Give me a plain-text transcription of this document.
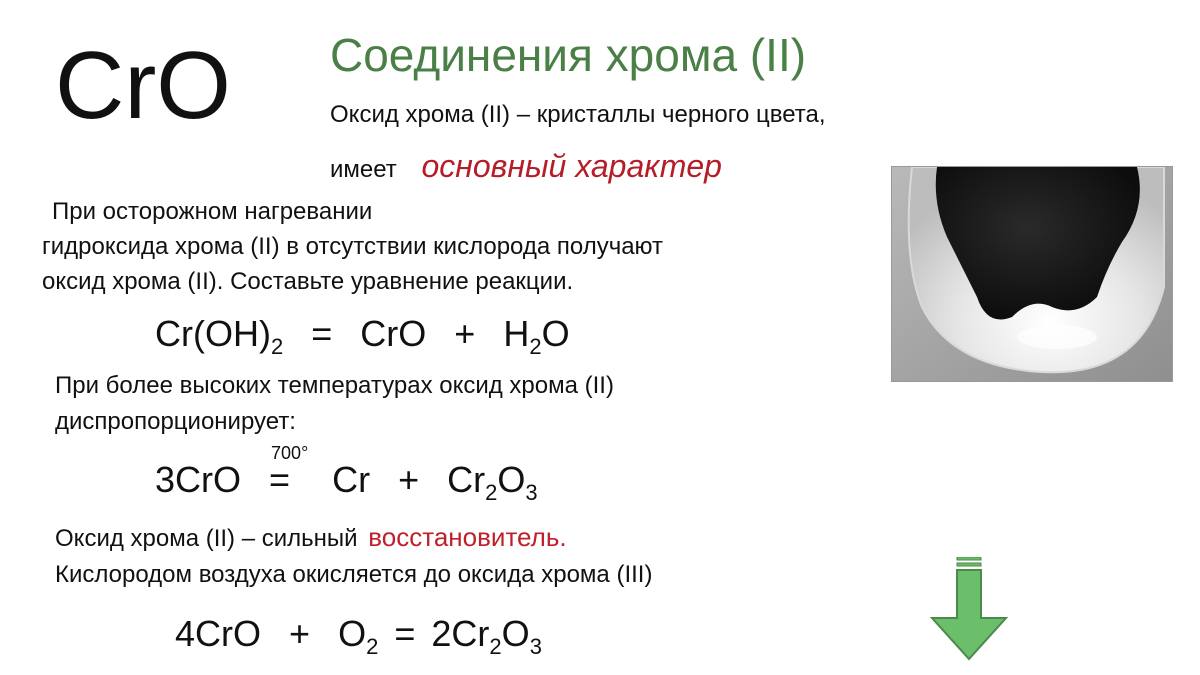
CrO Соединения хрома (II)
Оксид хрома (II) – кристаллы черного цвета,
имеет основный характер
При осторожном нагревании
гидроксида хрома (II) в отсутствии кислорода получают
оксид хрома (II). Составьте уравнение реакции.
$Cr(OH)_2$ = CrO + $H_2O$
При более высоких температурах оксид хрома (II)
диспропорционирует:
3CrO
700°
= $Cr + Cr_2O_3$
Оксид хрома (II) – сильный восстановитель.
Кислородом воздуха окисляется до оксида хрома (III)
$4CrO + O_2 = 2Cr_2O_3$
